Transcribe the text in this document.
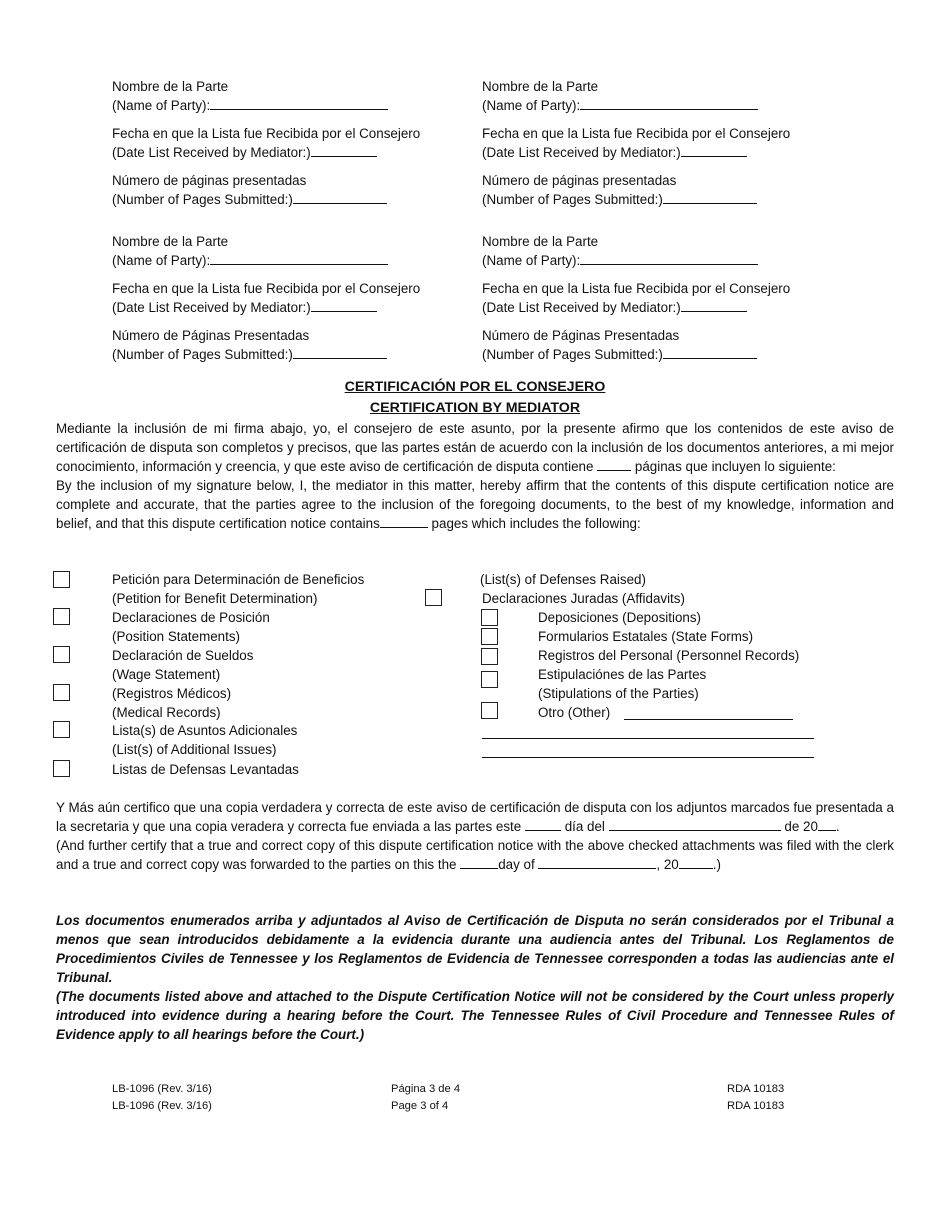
Nombre de la Parte
(Name of Party):
Fecha en que la Lista fue Recibida por el Consejero
(Date List Received by Mediator:)
Número de páginas presentadas
(Number of Pages Submitted:)
Nombre de la Parte
(Name of Party):
Fecha en que la Lista fue Recibida por el Consejero
(Date List Received by Mediator:)
Número de páginas presentadas
(Number of Pages Submitted:)
Nombre de la Parte
(Name of Party):
Fecha en que la Lista fue Recibida por el Consejero
(Date List Received by Mediator:)
Número de Páginas Presentadas
(Number of Pages Submitted:)
Nombre de la Parte
(Name of Party):
Fecha en que la Lista fue Recibida por el Consejero
(Date List Received by Mediator:)
Número de Páginas Presentadas
(Number of Pages Submitted:)
CERTIFICACIÓN POR EL CONSEJERO
CERTIFICATION BY MEDIATOR

Mediante la inclusión de mi firma abajo, yo, el consejero de este asunto, por la presente afirmo que los contenidos de este aviso de certificación de disputa son completos y precisos, que las partes están de acuerdo con la inclusión de los documentos anteriores, a mi mejor conocimiento, información y creencia, y que este aviso de certificación de disputa contiene	páginas que incluyen lo siguiente:

By the inclusion of my signature below, I, the mediator in this matter, hereby affirm that the contents of this dispute certification notice are complete and accurate, that the parties agree to the inclusion of the foregoing documents, to the best of my knowledge, information and belief, and that this dispute certification notice contains	pages which includes the following:

Petición para Determinación de Beneficios
(Petition for Benefit Determination)
Declaraciones de Posición
(Position Statements)
Declaración de Sueldos
(Wage Statement)
(Registros Médicos)
(Medical Records)
Lista(s) de Asuntos Adicionales
(List(s) of Additional Issues)
Listas de Defensas Levantadas
(List(s) of Defenses Raised)
Declaraciones Juradas (Affidavits)
Deposiciones (Depositions)
Formularios Estatales (State Forms)
Registros del Personal (Personnel Records)
Estipulaciónes de las Partes
(Stipulations of the Parties)
Otro (Other)

Y Más aún certifico que una copia verdadera y correcta de este aviso de certificación de disputa con los adjuntos marcados fue presentada a la secretaria y que una copia veradera y correcta fue enviada a las partes este	día del	de 20 .

(And further certify that a true and correct copy of this dispute certification notice with the above checked attachments was filed with the clerk and a true and correct copy was forwarded to the parties on this the	day of	, 20	.)

Los documentos enumerados arriba y adjuntados al Aviso de Certificación de Disputa no serán considerados por el Tribunal a menos que sean introducidos debidamente a la evidencia durante una audiencia antes del Tribunal. Los Reglamentos de Procedimientos Civiles de Tennessee y los Reglamentos de Evidencia de Tennessee corresponden a todas las audiencias ante el Tribunal.

(The documents listed above and attached to the Dispute Certification Notice will not be considered by the Court unless properly introduced into evidence during a hearing before the Court. The Tennessee Rules of Civil Procedure and Tennessee Rules of Evidence apply to all hearings before the Court.)

LB-1096 (Rev. 3/16)
LB-1096 (Rev. 3/16)
Página 3 de 4
Page 3 of 4
RDA 10183
RDA 10183
